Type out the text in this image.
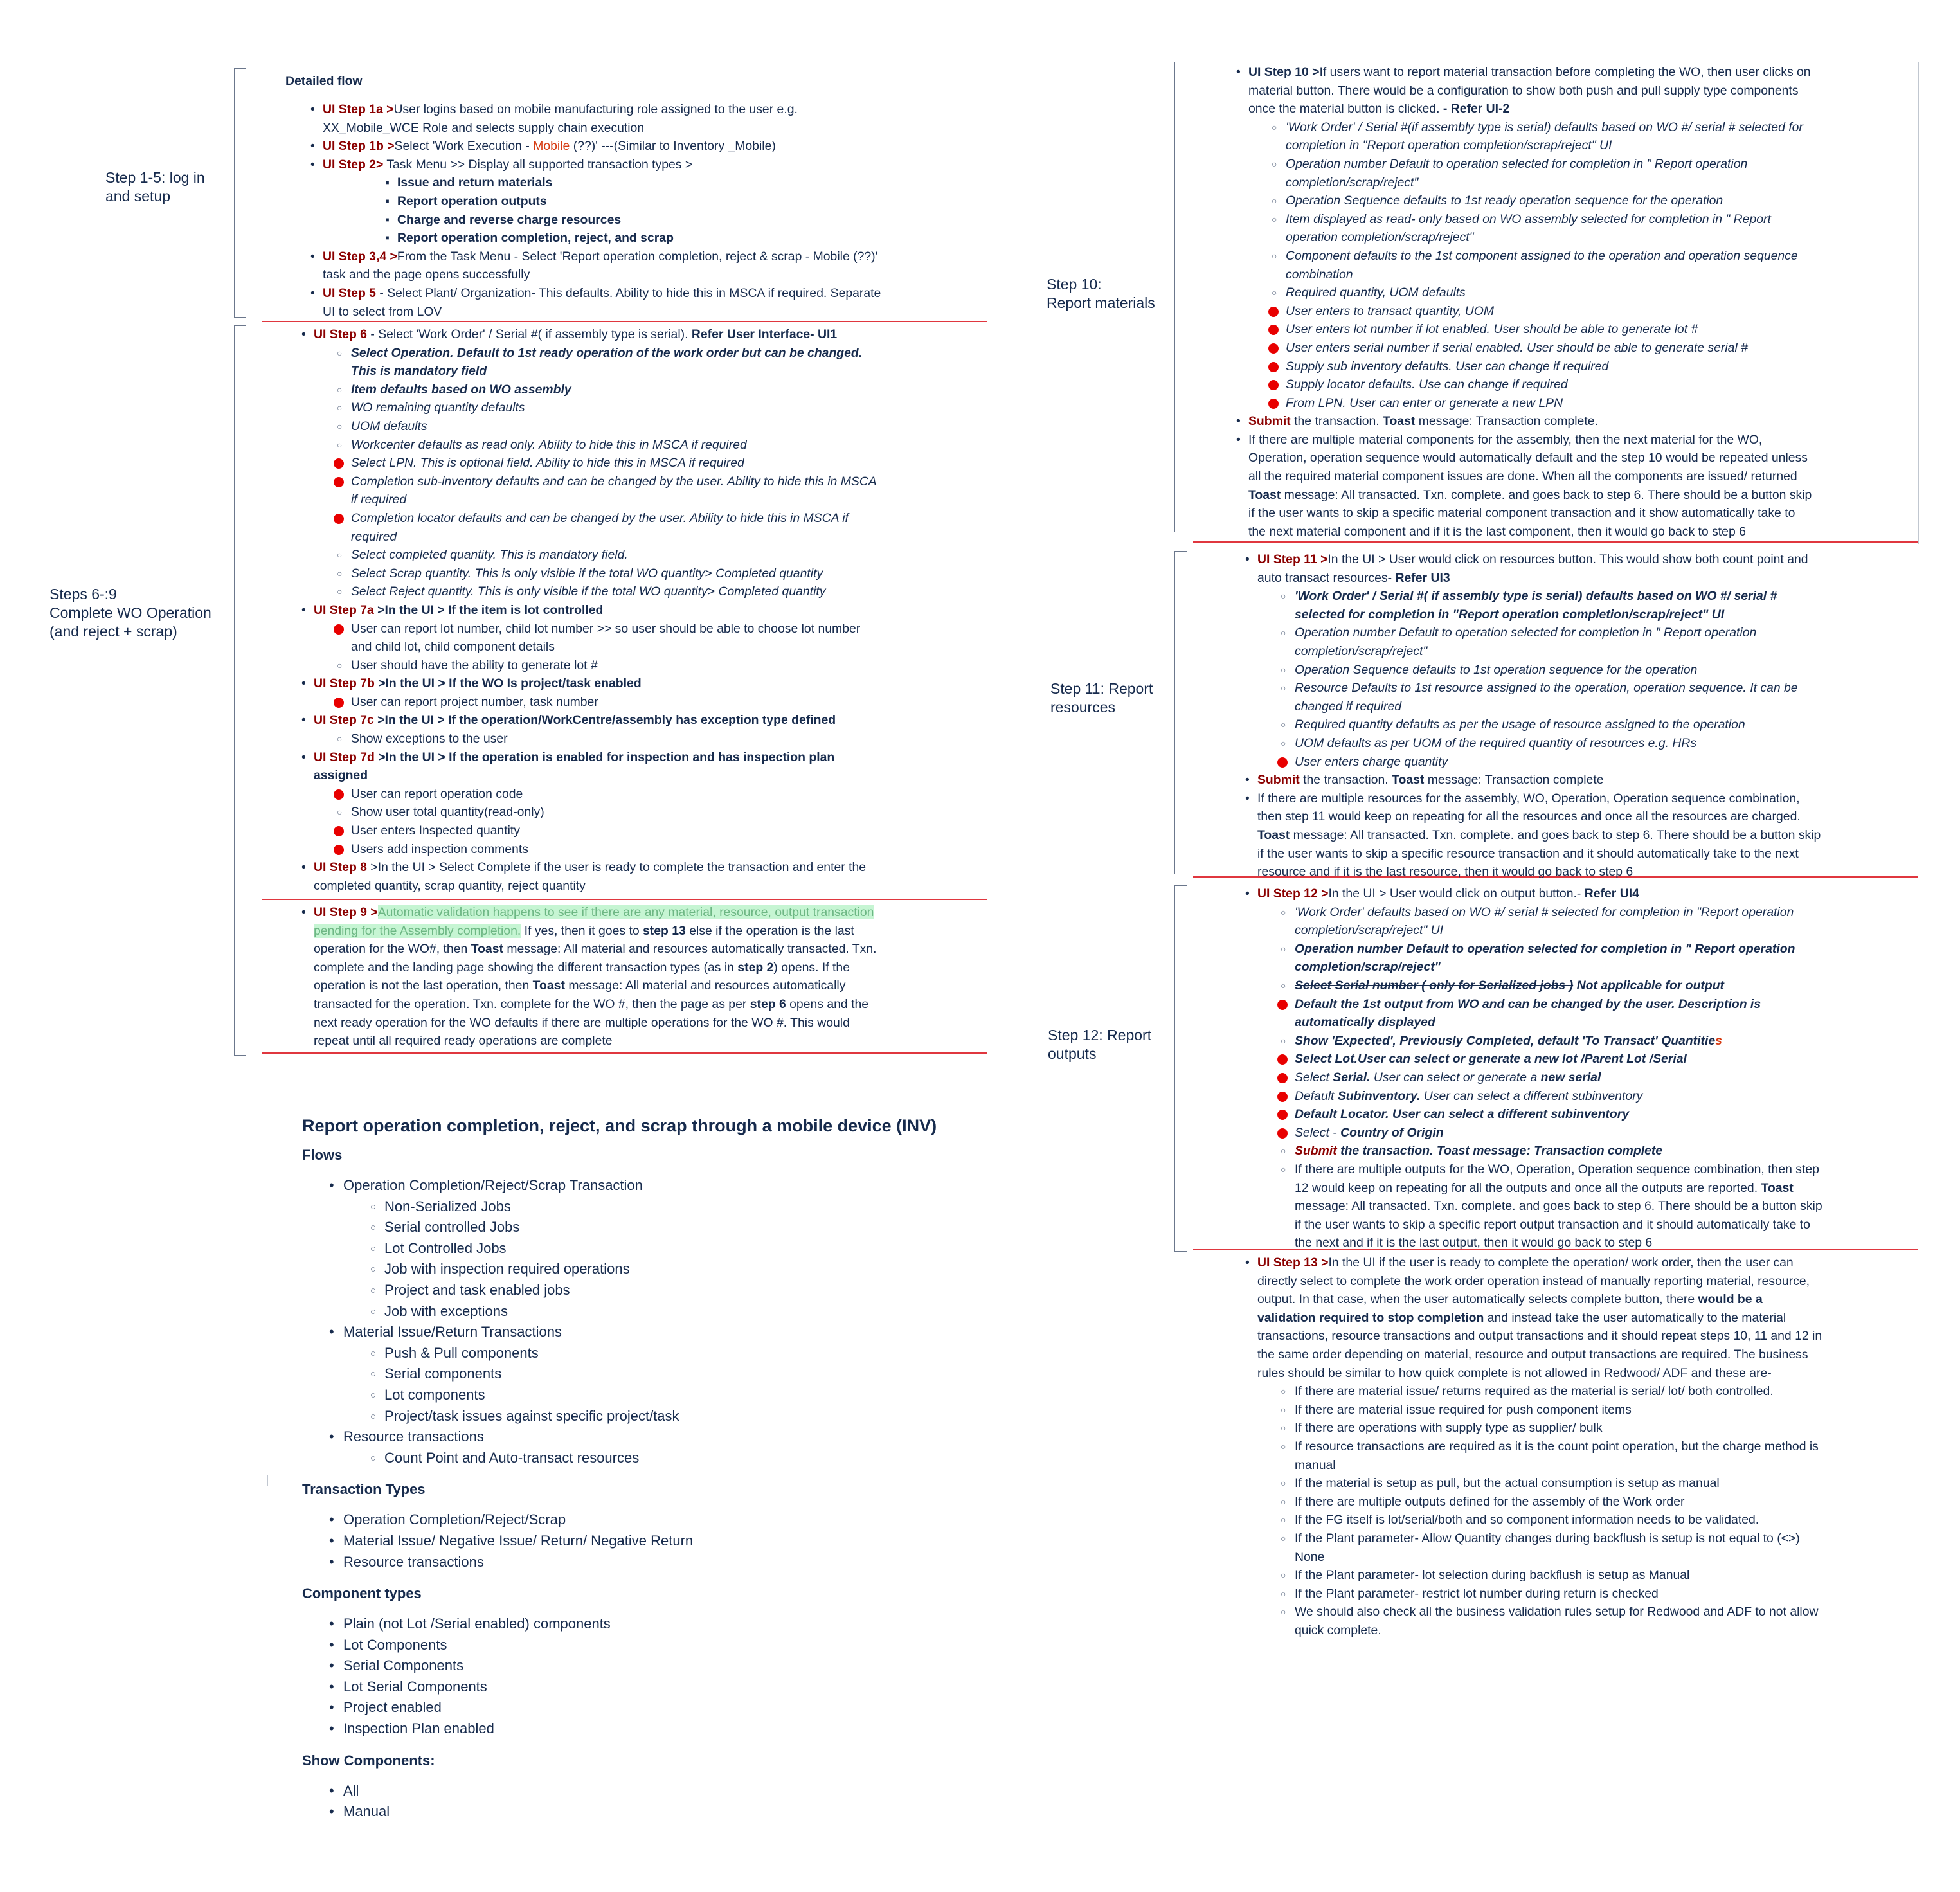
Step 1-5: log in
and setup
Steps 6-:9
Complete WO Operation
(and reject + scrap)
Step 10:
Report materials
Step 11: Report
resources
Step 12: Report
outputs
Detailed flow
• UI Step 1a >User logins based on mobile manufacturing role assigned to the user e.g.
XX_Mobile_WCE Role and selects supply chain execution
• UI Step 1b >Select 'Work Execution - Mobile (??)' ---(Similar to Inventory _Mobile)
• UI Step 2> Task Menu >> Display all supported transaction types >
▪ Issue and return materials
▪ Report operation outputs
▪ Charge and reverse charge resources
▪ Report operation completion, reject, and scrap
• UI Step 3,4 >From the Task Menu - Select 'Report operation completion, reject & scrap - Mobile (??)'
task and the page opens successfully
• UI Step 5 - Select Plant/ Organization- This defaults. Ability to hide this in MSCA if required. Separate
UI to select from LOV
• UI Step 6 - Select 'Work Order' / Serial #( if assembly type is serial). Refer User Interface- UI1
○ Select Operation. Default to 1st ready operation of the work order but can be changed.
This is mandatory field
○ Item defaults based on WO assembly
○ WO remaining quantity defaults
○ UOM defaults
○ Workcenter defaults as read only. Ability to hide this in MSCA if required
Select LPN. This is optional field. Ability to hide this in MSCA if required
Completion sub-inventory defaults and can be changed by the user. Ability to hide this in MSCA
if required
Completion locator defaults and can be changed by the user. Ability to hide this in MSCA if
required
○ Select completed quantity. This is mandatory field.
○ Select Scrap quantity. This is only visible if the total WO quantity> Completed quantity
○ Select Reject quantity. This is only visible if the total WO quantity> Completed quantity
• UI Step 7a >In the UI > If the item is lot controlled
User can report lot number, child lot number >> so user should be able to choose lot number
and child lot, child component details
○ User should have the ability to generate lot #
• UI Step 7b >In the UI > If the WO Is project/task enabled
User can report project number, task number
• UI Step 7c >In the UI > If the operation/WorkCentre/assembly has exception type defined
○ Show exceptions to the user
• UI Step 7d >In the UI > If the operation is enabled for inspection and has inspection plan
assigned
User can report operation code
○ Show user total quantity(read-only)
User enters Inspected quantity
Users add inspection comments
• UI Step 8 >In the UI > Select Complete if the user is ready to complete the transaction and enter the
completed quantity, scrap quantity, reject quantity
• UI Step 9 >Automatic validation happens to see if there are any material, resource, output transaction
pending for the Assembly completion. If yes, then it goes to step 13 else if the operation is the last
operation for the WO#, then Toast message: All material and resources automatically transacted. Txn.
complete and the landing page showing the different transaction types (as in step 2) opens. If the
operation is not the last operation, then Toast message: All material and resources automatically
transacted for the operation. Txn. complete for the WO #, then the page as per step 6 opens and the
next ready operation for the WO defaults if there are multiple operations for the WO #. This would
repeat until all required ready operations are complete
Report operation completion, reject, and scrap through a mobile device (INV)
Flows
• Operation Completion/Reject/Scrap Transaction
○ Non-Serialized Jobs
○ Serial controlled Jobs
○ Lot Controlled Jobs
○ Job with inspection required operations
○ Project and task enabled jobs
○ Job with exceptions
• Material Issue/Return Transactions
○ Push & Pull components
○ Serial components
○ Lot components
○ Project/task issues against specific project/task
• Resource transactions
○ Count Point and Auto-transact resources
Transaction Types
• Operation Completion/Reject/Scrap
• Material Issue/ Negative Issue/ Return/ Negative Return
• Resource transactions
Component types
• Plain (not Lot /Serial enabled) components
• Lot Components
• Serial Components
• Lot Serial Components
• Project enabled
• Inspection Plan enabled
Show Components:
• All
• Manual
• UI Step 10 >If users want to report material transaction before completing the WO, then user clicks on
material button. There would be a configuration to show both push and pull supply type components
once the material button is clicked. - Refer UI-2
○ 'Work Order' / Serial #(if assembly type is serial) defaults based on WO #/ serial # selected for
completion in "Report operation completion/scrap/reject" UI
○ Operation number Default to operation selected for completion in " Report operation
completion/scrap/reject"
○ Operation Sequence defaults to 1st ready operation sequence for the operation
○ Item displayed as read- only based on WO assembly selected for completion in " Report
operation completion/scrap/reject"
○ Component defaults to the 1st component assigned to the operation and operation sequence
combination
○ Required quantity, UOM defaults
User enters to transact quantity, UOM
User enters lot number if lot enabled. User should be able to generate lot #
User enters serial number if serial enabled. User should be able to generate serial #
Supply sub inventory defaults. User can change if required
Supply locator defaults. Use can change if required
From LPN. User can enter or generate a new LPN
• Submit the transaction. Toast message: Transaction complete.
• If there are multiple material components for the assembly, then the next material for the WO,
Operation, operation sequence would automatically default and the step 10 would be repeated unless
all the required material component issues are done. When all the components are issued/ returned
Toast message: All transacted. Txn. complete. and goes back to step 6. There should be a button skip
if the user wants to skip a specific material component transaction and it show automatically take to
the next material component and if it is the last component, then it would go back to step 6
• UI Step 11 >In the UI > User would click on resources button. This would show both count point and
auto transact resources- Refer UI3
○ 'Work Order' / Serial #( if assembly type is serial) defaults based on WO #/ serial #
selected for completion in "Report operation completion/scrap/reject" UI
○ Operation number Default to operation selected for completion in " Report operation
completion/scrap/reject"
○ Operation Sequence defaults to 1st operation sequence for the operation
○ Resource Defaults to 1st resource assigned to the operation, operation sequence. It can be
changed if required
○ Required quantity defaults as per the usage of resource assigned to the operation
○ UOM defaults as per UOM of the required quantity of resources e.g. HRs
User enters charge quantity
• Submit the transaction. Toast message: Transaction complete
• If there are multiple resources for the assembly, WO, Operation, Operation sequence combination,
then step 11 would keep on repeating for all the resources and once all the resources are charged.
Toast message: All transacted. Txn. complete. and goes back to step 6. There should be a button skip
if the user wants to skip a specific resource transaction and it should automatically take to the next
resource and if it is the last resource, then it would go back to step 6
• UI Step 12 >In the UI > User would click on output button.- Refer UI4
○ 'Work Order' defaults based on WO #/ serial # selected for completion in "Report operation
completion/scrap/reject" UI
○ Operation number Default to operation selected for completion in " Report operation
completion/scrap/reject"
○ Select Serial number ( only for Serialized jobs ) Not applicable for output
Default the 1st output from WO and can be changed by the user. Description is
automatically displayed
○ Show 'Expected', Previously Completed, default 'To Transact' Quantities
Select Lot.User can select or generate a new lot /Parent Lot /Serial
Select Serial. User can select or generate a new serial
Default Subinventory. User can select a different subinventory
Default Locator. User can select a different subinventory
Select - Country of Origin
○ Submit the transaction. Toast message: Transaction complete
○ If there are multiple outputs for the WO, Operation, Operation sequence combination, then step
12 would keep on repeating for all the outputs and once all the outputs are reported. Toast
message: All transacted. Txn. complete. and goes back to step 6. There should be a button skip
if the user wants to skip a specific report output transaction and it should automatically take to
the next and if it is the last output, then it would go back to step 6
• UI Step 13 >In the UI if the user is ready to complete the operation/ work order, then the user can
directly select to complete the work order operation instead of manually reporting material, resource,
output. In that case, when the user automatically selects complete button, there would be a
validation required to stop completion and instead take the user automatically to the material
transactions, resource transactions and output transactions and it should repeat steps 10, 11 and 12 in
the same order depending on material, resource and output transactions are required. The business
rules should be similar to how quick complete is not allowed in Redwood/ ADF and these are-
○ If there are material issue/ returns required as the material is serial/ lot/ both controlled.
○ If there are material issue required for push component items
○ If there are operations with supply type as supplier/ bulk
○ If resource transactions are required as it is the count point operation, but the charge method is
manual
○ If the material is setup as pull, but the actual consumption is setup as manual
○ If there are multiple outputs defined for the assembly of the Work order
○ If the FG itself is lot/serial/both and so component information needs to be validated.
○ If the Plant parameter- Allow Quantity changes during backflush is setup is not equal to (<>)
None
○ If the Plant parameter- lot selection during backflush is setup as Manual
○ If the Plant parameter- restrict lot number during return is checked
○ We should also check all the business validation rules setup for Redwood and ADF to not allow
quick complete.
